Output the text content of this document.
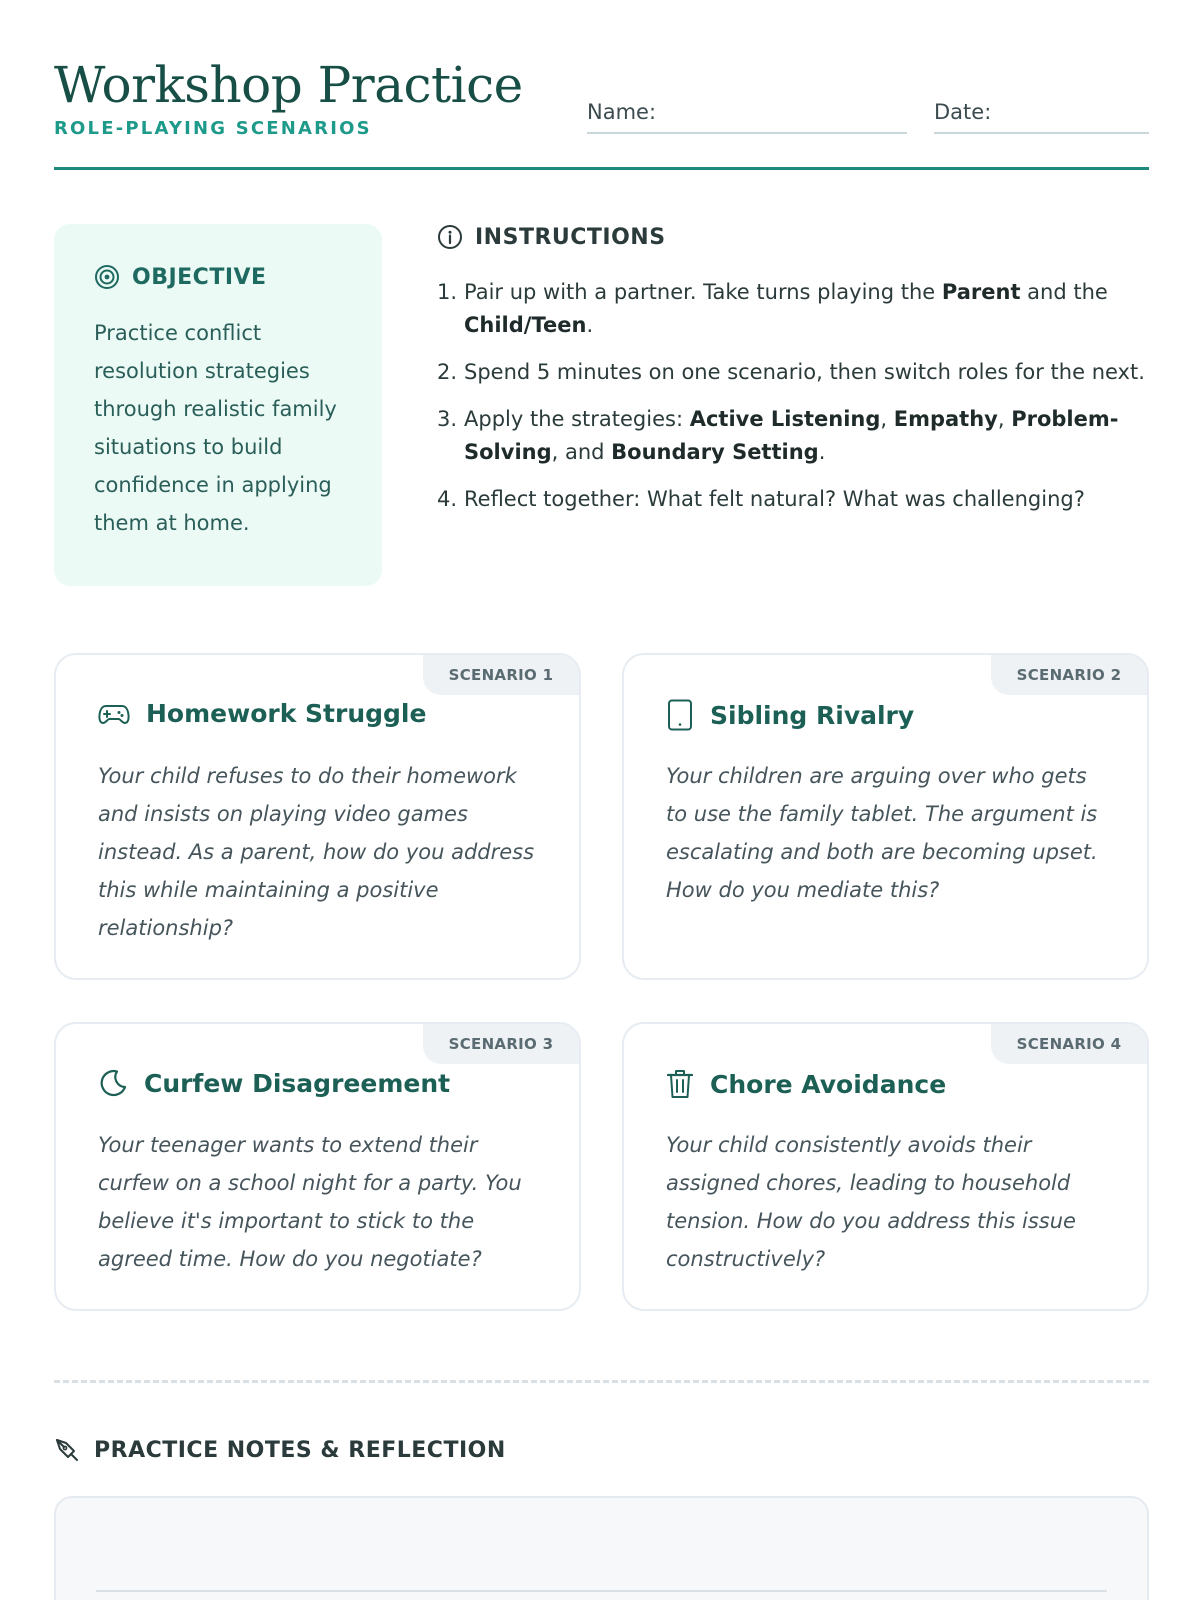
Workshop Practice
ROLE-PLAYING SCENARIOS
Name:	Date:
OBJECTIVE

Practice conflict resolution strategies through realistic family situations to build confidence in applying them at home.

INSTRUCTIONS
1. Pair up with a partner. Take turns playing the Parent and the Child/Teen.
2. Spend 5 minutes on one scenario, then switch roles for the next.
3. Apply the strategies: Active Listening, Empathy, Problem-Solving, and Boundary Setting.
4. Reflect together: What felt natural? What was challenging?
SCENARIO 1
Homework Struggle

Your child refuses to do their homework and insists on playing video games instead. As a parent, how do you address this while maintaining a positive relationship?

SCENARIO 2
Sibling Rivalry

Your children are arguing over who gets to use the family tablet. The argument is escalating and both are becoming upset. How do you mediate this?

SCENARIO 3
Curfew Disagreement

Your teenager wants to extend their curfew on a school night for a party. You believe it's important to stick to the agreed time. How do you negotiate?

SCENARIO 4
Chore Avoidance

Your child consistently avoids their assigned chores, leading to household tension. How do you address this issue constructively?

PRACTICE NOTES & REFLECTION
